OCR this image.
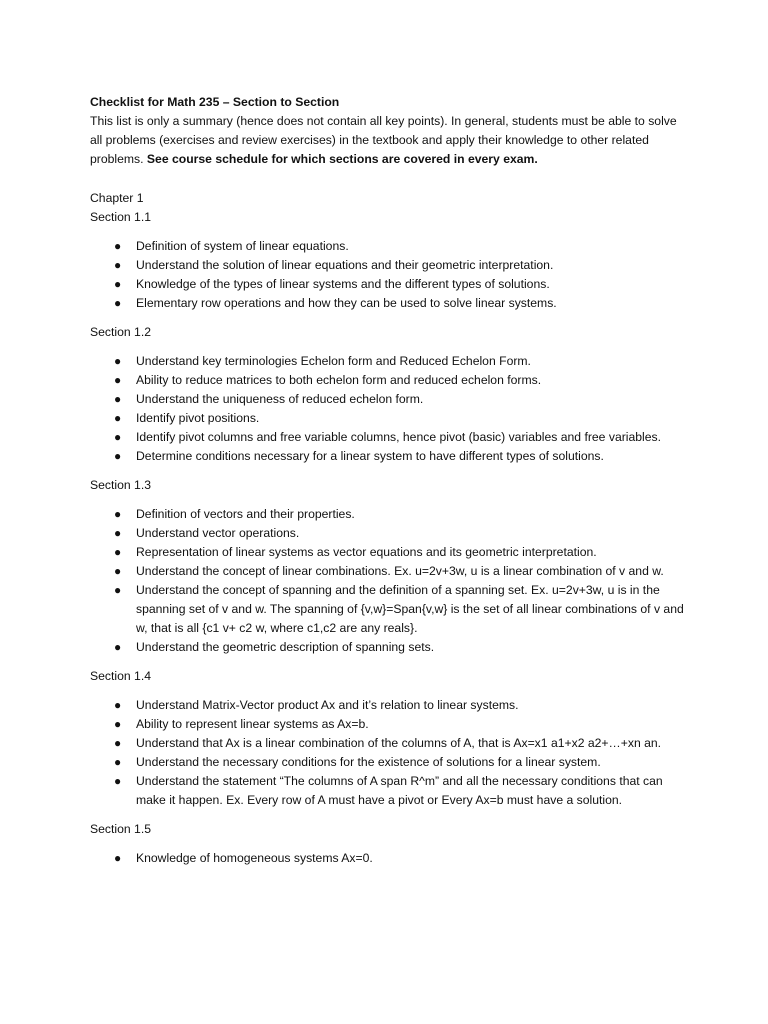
Checklist for Math 235 – Section to Section

This list is only a summary (hence does not contain all key points). In general, students must be able to solve all problems (exercises and review exercises) in the textbook and apply their knowledge to other related problems. See course schedule for which sections are covered in every exam.

Chapter 1

Section 1.1

● Definition of system of linear equations.
● Understand the solution of linear equations and their geometric interpretation.
● Knowledge of the types of linear systems and the different types of solutions.
● Elementary row operations and how they can be used to solve linear systems.

Section 1.2

● Understand key terminologies Echelon form and Reduced Echelon Form.
● Ability to reduce matrices to both echelon form and reduced echelon forms.
● Understand the uniqueness of reduced echelon form.
● Identify pivot positions.
● Identify pivot columns and free variable columns, hence pivot (basic) variables and free variables.
● Determine conditions necessary for a linear system to have different types of solutions.

Section 1.3

● Definition of vectors and their properties.
● Understand vector operations.
● Representation of linear systems as vector equations and its geometric interpretation.
● Understand the concept of linear combinations. Ex. u=2v+3w, u is a linear combination of v and w.
● Understand the concept of spanning and the definition of a spanning set. Ex. u=2v+3w, u is in the spanning set of v and w. The spanning of {v,w}=Span{v,w} is the set of all linear combinations of v and w, that is all {c1 v+ c2 w, where c1,c2 are any reals}.
● Understand the geometric description of spanning sets.

Section 1.4

● Understand Matrix-Vector product Ax and it’s relation to linear systems.
● Ability to represent linear systems as Ax=b.
● Understand that Ax is a linear combination of the columns of A, that is Ax=x1 a1+x2 a2+…+xn an.
● Understand the necessary conditions for the existence of solutions for a linear system.
● Understand the statement “The columns of A span R^m” and all the necessary conditions that can make it happen. Ex. Every row of A must have a pivot or Every Ax=b must have a solution.

Section 1.5

● Knowledge of homogeneous systems Ax=0.
